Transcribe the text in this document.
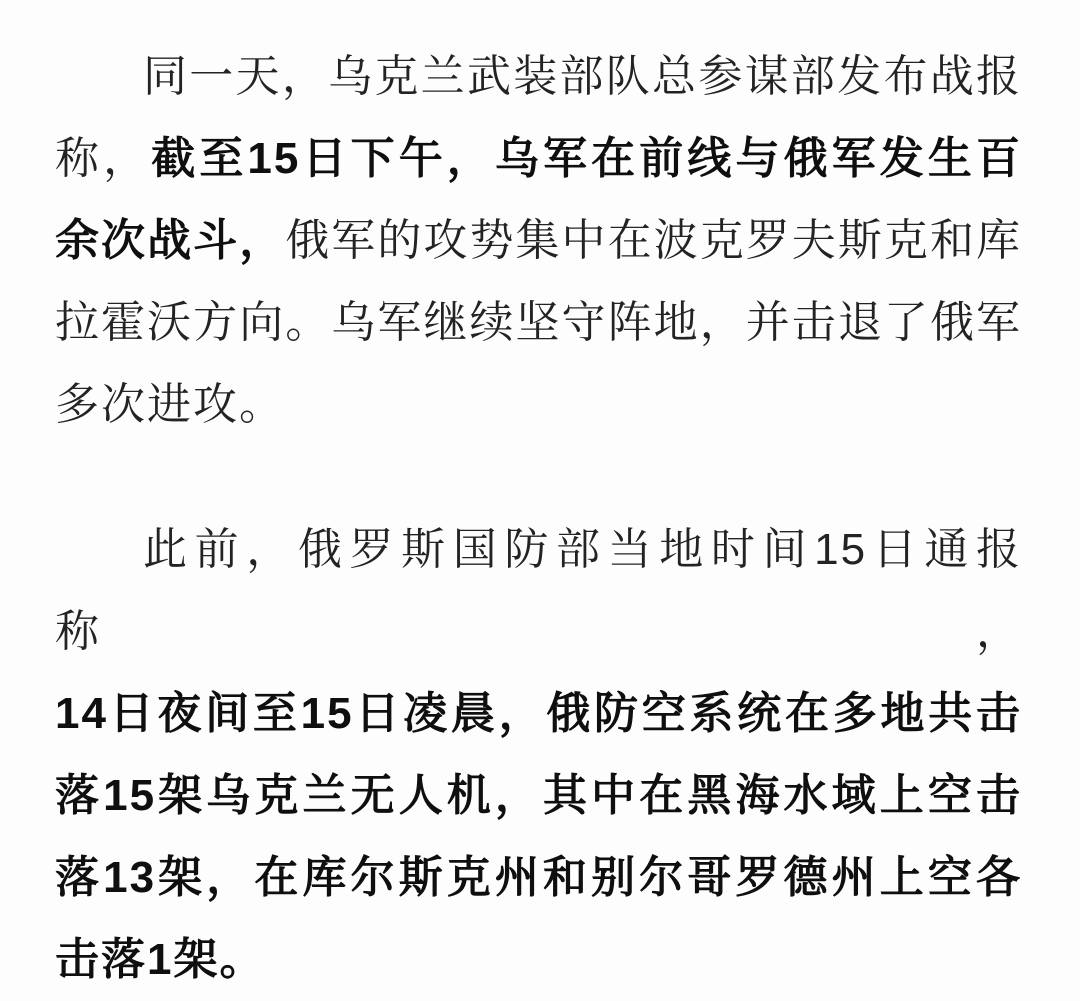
同一天，乌克兰武装部队总参谋部发布战报
称，截至15日下午，乌军在前线与俄军发生百
余次战斗，俄军的攻势集中在波克罗夫斯克和库
拉霍沃方向。乌军继续坚守阵地，并击退了俄军
多次进攻。
此前，俄罗斯国防部当地时间15日通报称，
14日夜间至15日凌晨，俄防空系统在多地共击
落15架乌克兰无人机，其中在黑海水域上空击
落13架，在库尔斯克州和别尔哥罗德州上空各
击落1架。
